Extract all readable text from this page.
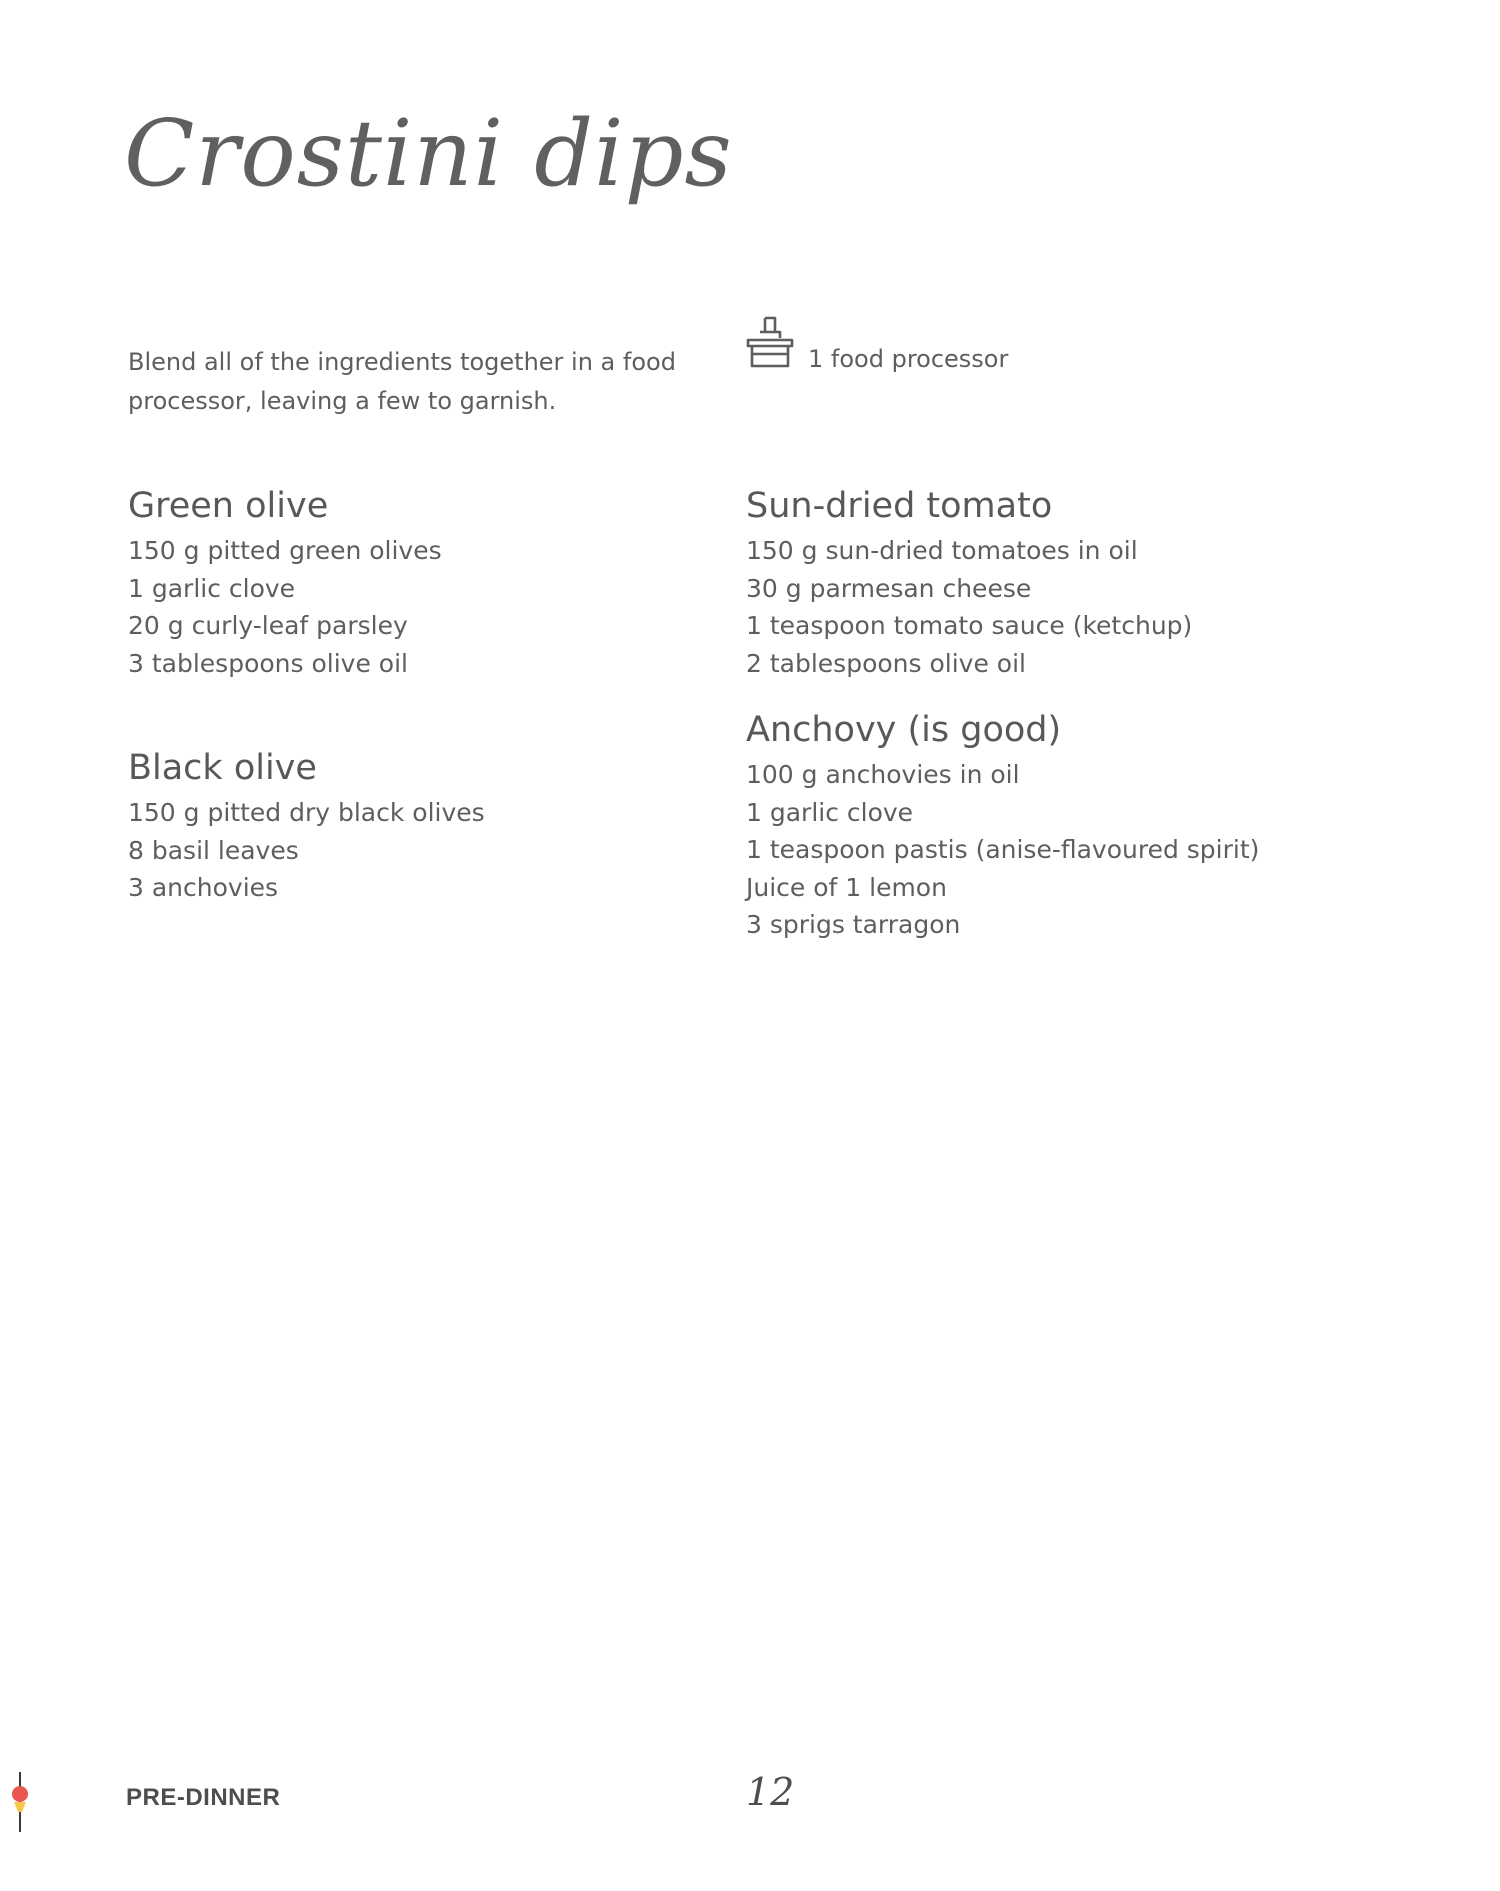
Crostini dips

Blend all of the ingredients together in a food processor, leaving a few to garnish.

1 food processor
Green olive
150 g pitted green olives
1 garlic clove
20 g curly-leaf parsley
3 tablespoons olive oil
Black olive
150 g pitted dry black olives
8 basil leaves
3 anchovies
Sun-dried tomato
150 g sun-dried tomatoes in oil
30 g parmesan cheese
1 teaspoon tomato sauce (ketchup)
2 tablespoons olive oil
Anchovy (is good)
100 g anchovies in oil
1 garlic clove
1 teaspoon pastis (anise-flavoured spirit)
Juice of 1 lemon
3 sprigs tarragon
PRE-DINNER	12
